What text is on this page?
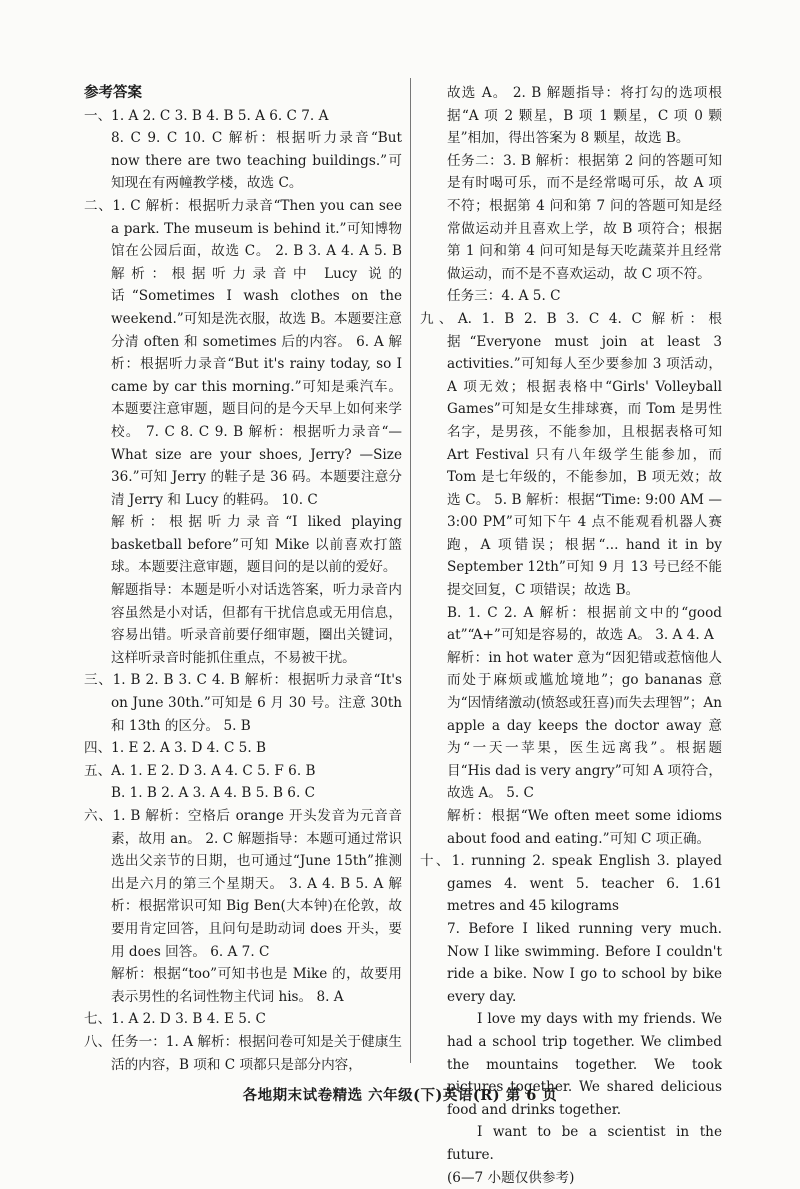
参考答案

一、1. A 2. C 3. B 4. B 5. A 6. C 7. A

8. C 9. C 10. C 解析：根据听力录音“But now there are two teaching buildings.”可知现在有两幢教学楼，故选 C。

二、1. C 解析：根据听力录音“Then you can see a park. The museum is behind it.”可知博物馆在公园后面，故选 C。 2. B 3. A 4. A 5. B 解析：根据听力录音中 Lucy 说的话“Sometimes I wash clothes on the weekend.”可知是洗衣服，故选 B。本题要注意分清 often 和 sometimes 后的内容。 6. A 解析：根据听力录音“But it's rainy today, so I came by car this morning.”可知是乘汽车。本题要注意审题，题目问的是今天早上如何来学校。 7. C 8. C 9. B 解析：根据听力录音“—What size are your shoes, Jerry? —Size 36.”可知 Jerry 的鞋子是 36 码。本题要注意分清 Jerry 和 Lucy 的鞋码。 10. C

解析：根据听力录音“I liked playing basketball before”可知 Mike 以前喜欢打篮球。本题要注意审题，题目问的是以前的爱好。

解题指导：本题是听小对话选答案，听力录音内容虽然是小对话，但都有干扰信息或无用信息，容易出错。听录音前要仔细审题，圈出关键词，这样听录音时能抓住重点，不易被干扰。

三、1. B 2. B 3. C 4. B 解析：根据听力录音“It's on June 30th.”可知是 6 月 30 号。注意 30th 和 13th 的区分。 5. B

四、1. E 2. A 3. D 4. C 5. B

五、A. 1. E 2. D 3. A 4. C 5. F 6. B

B. 1. B 2. A 3. A 4. B 5. B 6. C

六、1. B 解析：空格后 orange 开头发音为元音音素，故用 an。 2. C 解题指导：本题可通过常识选出父亲节的日期，也可通过“June 15th”推测出是六月的第三个星期天。 3. A 4. B 5. A 解析：根据常识可知 Big Ben(大本钟)在伦敦，故要用肯定回答，且问句是助动词 does 开头，要用 does 回答。 6. A 7. C

解析：根据“too”可知书也是 Mike 的，故要用表示男性的名词性物主代词 his。 8. A

七、1. A 2. D 3. B 4. E 5. C

八、任务一：1. A 解析：根据问卷可知是关于健康生活的内容，B 项和 C 项都只是部分内容，

故选 A。 2. B 解题指导：将打勾的选项根据“A 项 2 颗星，B 项 1 颗星，C 项 0 颗星”相加，得出答案为 8 颗星，故选 B。

任务二：3. B 解析：根据第 2 问的答题可知是有时喝可乐，而不是经常喝可乐，故 A 项不符；根据第 4 问和第 7 问的答题可知是经常做运动并且喜欢上学，故 B 项符合；根据第 1 问和第 4 问可知是每天吃蔬菜并且经常做运动，而不是不喜欢运动，故 C 项不符。

任务三：4. A 5. C

九、A. 1. B 2. B 3. C 4. C 解析：根据“Everyone must join at least 3 activities.”可知每人至少要参加 3 项活动，A 项无效；根据表格中“Girls' Volleyball Games”可知是女生排球赛，而 Tom 是男性名字，是男孩，不能参加，且根据表格可知 Art Festival 只有八年级学生能参加，而 Tom 是七年级的，不能参加，B 项无效；故选 C。 5. B 解析：根据“Time: 9:00 AM — 3:00 PM”可知下午 4 点不能观看机器人赛跑，A 项错误；根据“... hand it in by September 12th”可知 9 月 13 号已经不能提交回复，C 项错误；故选 B。

B. 1. C 2. A 解析：根据前文中的“good at”“A+”可知是容易的，故选 A。 3. A 4. A

解析：in hot water 意为“因犯错或惹恼他人而处于麻烦或尴尬境地”；go bananas 意为“因情绪激动(愤怒或狂喜)而失去理智”；An apple a day keeps the doctor away 意为“一天一苹果，医生远离我”。根据题目“His dad is very angry”可知 A 项符合，故选 A。 5. C

解析：根据“We often meet some idioms about food and eating.”可知 C 项正确。

十、1. running 2. speak English 3. played games 4. went 5. teacher 6. 1.61 metres and 45 kilograms

7. Before I liked running very much. Now I like swimming. Before I couldn't ride a bike. Now I go to school by bike every day.

I love my days with my friends. We had a school trip together. We climbed the mountains together. We took pictures together. We shared delicious food and drinks together.

I want to be a scientist in the future.

(6—7 小题仅供参考)

各地期末试卷精选 六年级(下)英语(R) 第 6 页
